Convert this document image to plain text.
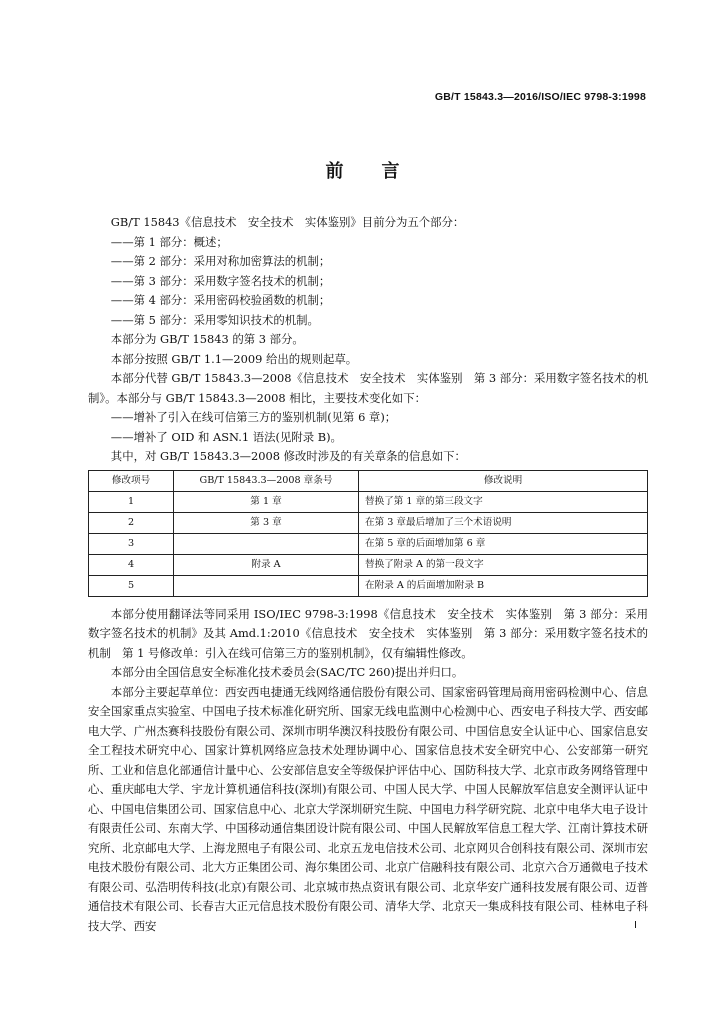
GB/T 15843.3—2016/ISO/IEC 9798-3:1998
前 言

GB/T 15843《信息技术　安全技术　实体鉴别》目前分为五个部分：

——第 1 部分：概述；

——第 2 部分：采用对称加密算法的机制；

——第 3 部分：采用数字签名技术的机制；

——第 4 部分：采用密码校验函数的机制；

——第 5 部分：采用零知识技术的机制。

本部分为 GB/T 15843 的第 3 部分。

本部分按照 GB/T 1.1—2009 给出的规则起草。

本部分代替 GB/T 15843.3—2008《信息技术　安全技术　实体鉴别　第 3 部分：采用数字签名技术的机制》。本部分与 GB/T 15843.3—2008 相比，主要技术变化如下：

——增补了引入在线可信第三方的鉴别机制(见第 6 章)；

——增补了 OID 和 ASN.1 语法(见附录 B)。

其中，对 GB/T 15843.3—2008 修改时涉及的有关章条的信息如下：

修改项号	GB/T 15843.3—2008 章条号	修改说明
1	第 1 章	替换了第 1 章的第三段文字
2	第 3 章	在第 3 章最后增加了三个术语说明
3		在第 5 章的后面增加第 6 章
4	附录 A	替换了附录 A 的第一段文字
5		在附录 A 的后面增加附录 B

本部分使用翻译法等同采用 ISO/IEC 9798-3:1998《信息技术　安全技术　实体鉴别　第 3 部分：采用数字签名技术的机制》及其 Amd.1:2010《信息技术　安全技术　实体鉴别　第 3 部分：采用数字签名技术的机制　第 1 号修改单：引入在线可信第三方的鉴别机制》，仅有编辑性修改。

本部分由全国信息安全标准化技术委员会(SAC/TC 260)提出并归口。

本部分主要起草单位：西安西电捷通无线网络通信股份有限公司、国家密码管理局商用密码检测中心、信息安全国家重点实验室、中国电子技术标准化研究所、国家无线电监测中心检测中心、西安电子科技大学、西安邮电大学、广州杰赛科技股份有限公司、深圳市明华澳汉科技股份有限公司、中国信息安全认证中心、国家信息安全工程技术研究中心、国家计算机网络应急技术处理协调中心、国家信息技术安全研究中心、公安部第一研究所、工业和信息化部通信计量中心、公安部信息安全等级保护评估中心、国防科技大学、北京市政务网络管理中心、重庆邮电大学、宇龙计算机通信科技(深圳)有限公司、中国人民大学、中国人民解放军信息安全测评认证中心、中国电信集团公司、国家信息中心、北京大学深圳研究生院、中国电力科学研究院、北京中电华大电子设计有限责任公司、东南大学、中国移动通信集团设计院有限公司、中国人民解放军信息工程大学、江南计算技术研究所、北京邮电大学、上海龙照电子有限公司、北京五龙电信技术公司、北京网贝合创科技有限公司、深圳市宏电技术股份有限公司、北大方正集团公司、海尔集团公司、北京广信融科技有限公司、北京六合万通微电子技术有限公司、弘浩明传科技(北京)有限公司、北京城市热点资讯有限公司、北京华安广通科技发展有限公司、迈普通信技术有限公司、长春吉大正元信息技术股份有限公司、清华大学、北京天一集成科技有限公司、桂林电子科技大学、西安	I
